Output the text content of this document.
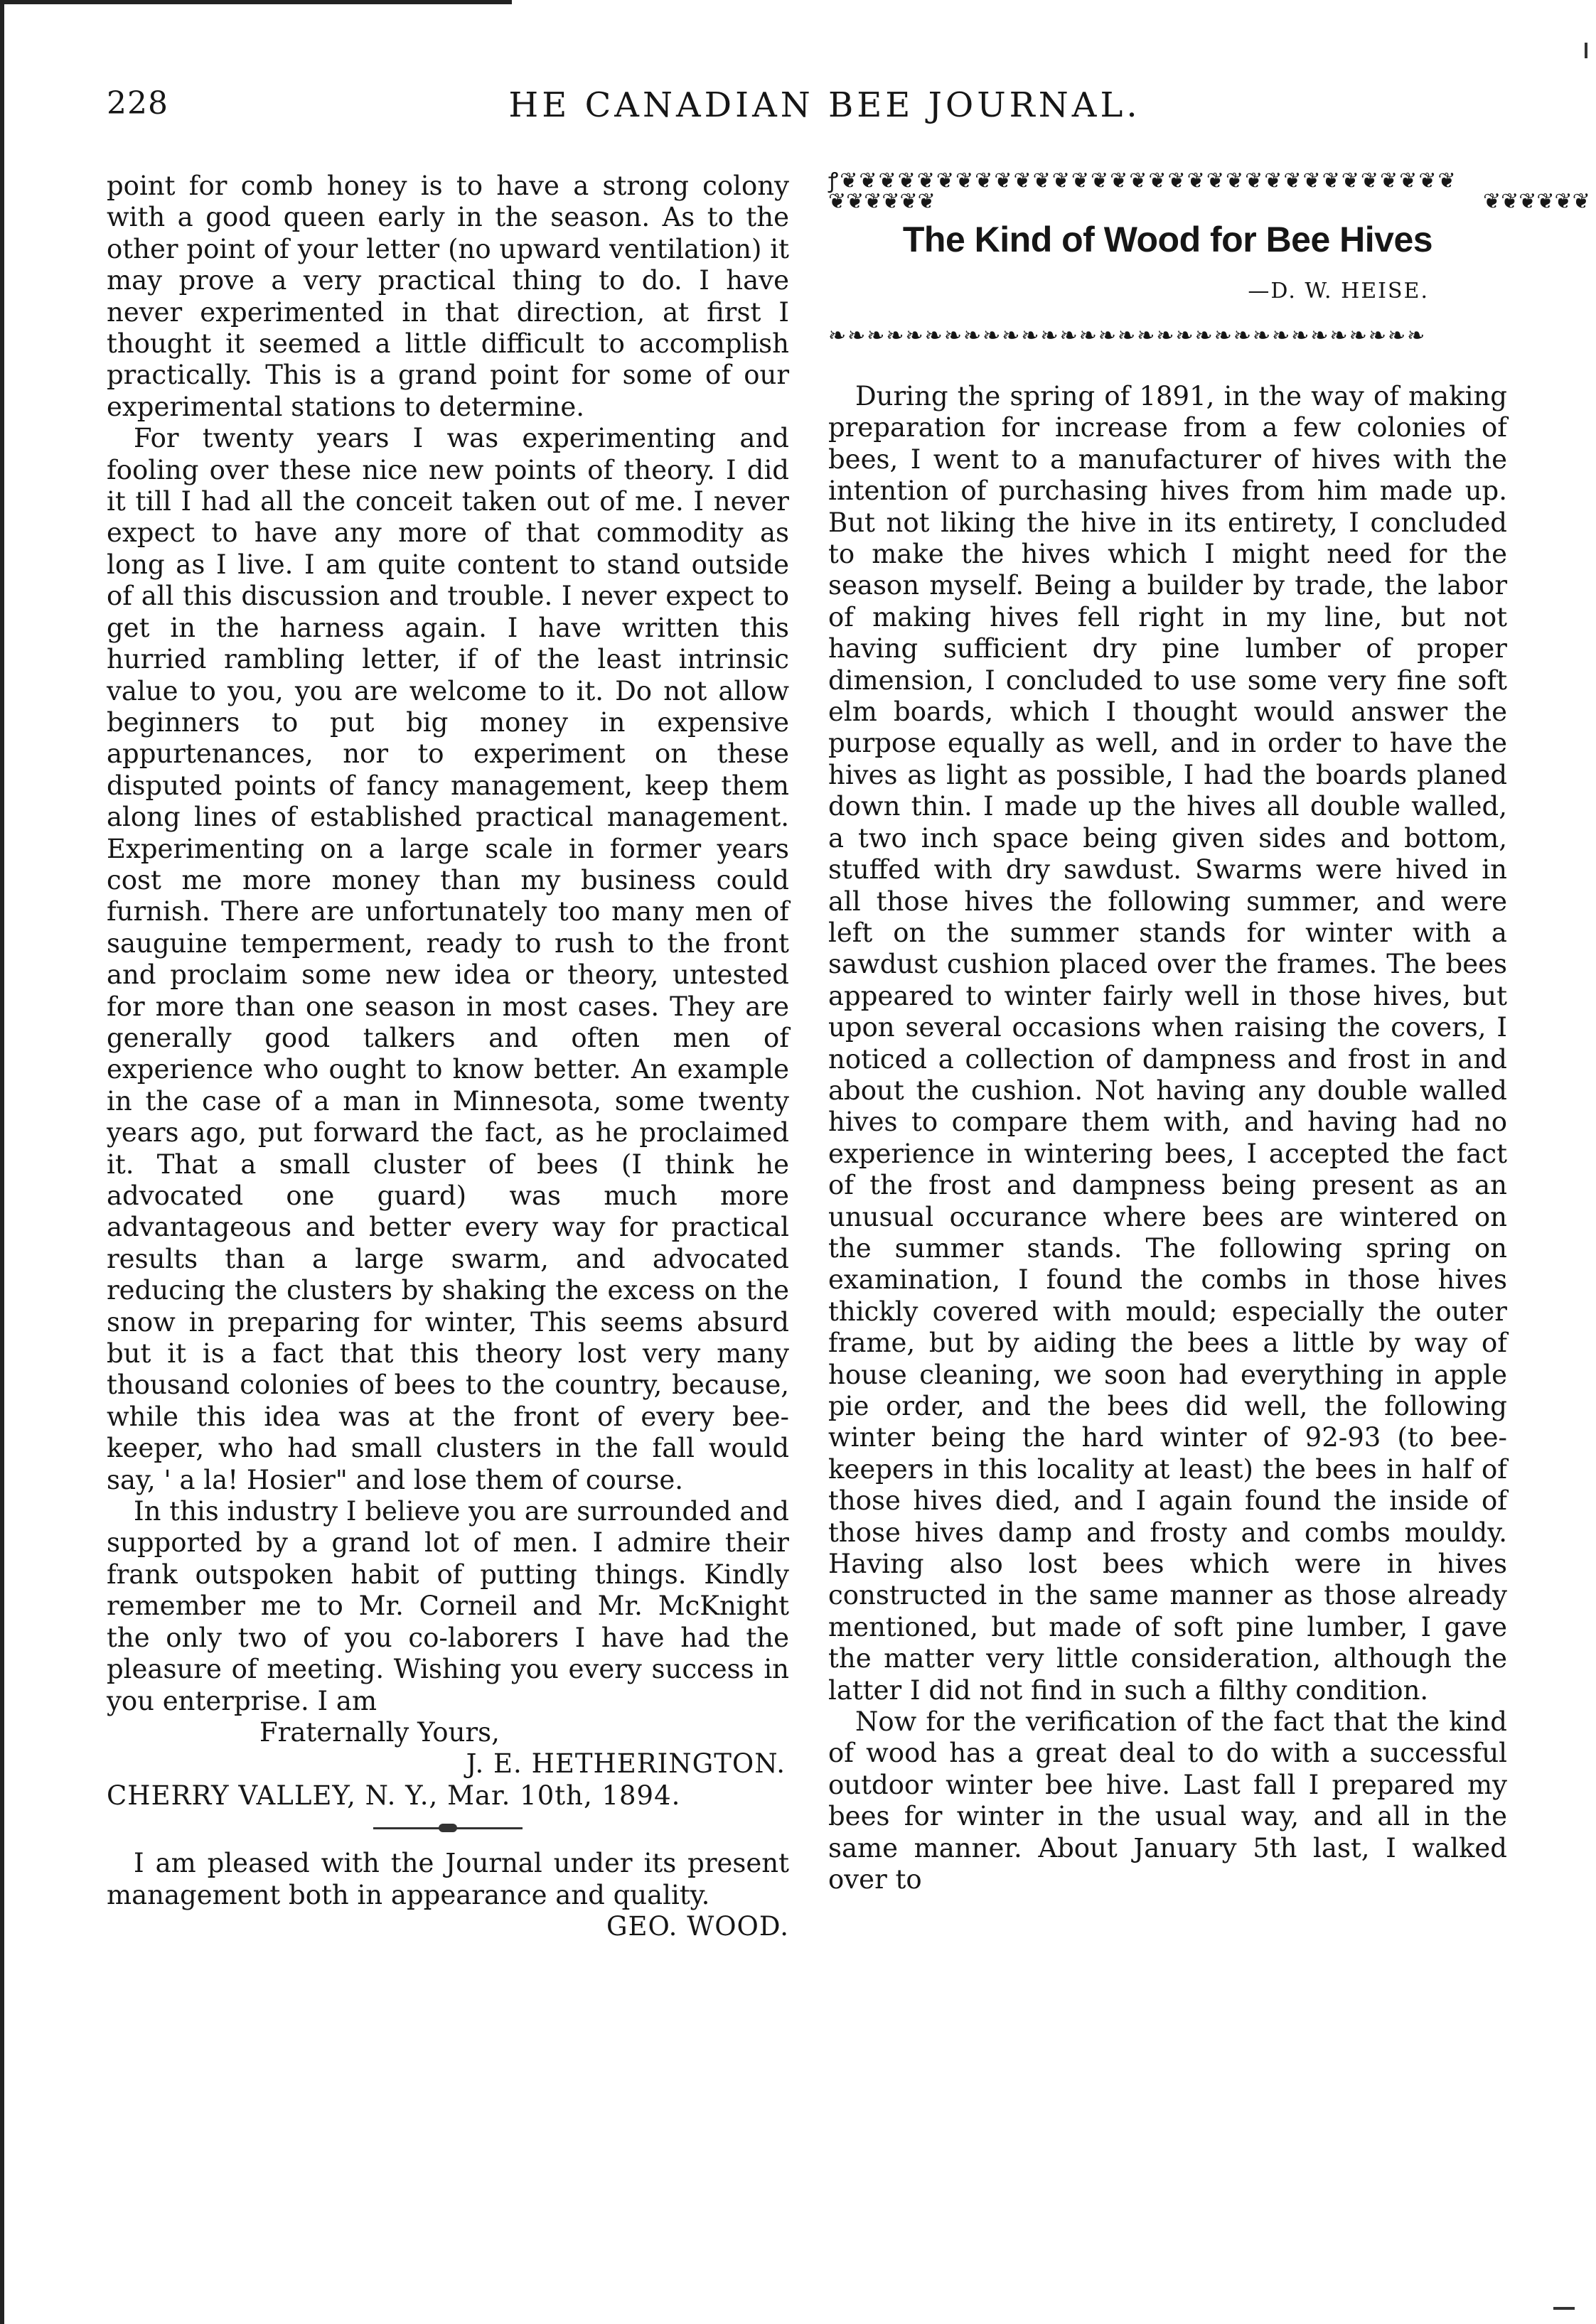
228	HE CANADIAN BEE JOURNAL.

point for comb honey is to have a strong colony with a good queen early in the season. As to the other point of your letter (no upward ventilation) it may prove a very practical thing to do. I have never experimented in that direction, at first I thought it seemed a little difficult to accomplish practically. This is a grand point for some of our experimental stations to determine.

For twenty years I was experimenting and fooling over these nice new points of theory. I did it till I had all the conceit taken out of me. I never expect to have any more of that commodity as long as I live. I am quite content to stand outside of all this discussion and trouble. I never expect to get in the harness again. I have written this hurried rambling letter, if of the least intrinsic value to you, you are welcome to it. Do not allow beginners to put big money in expensive appurtenances, nor to experiment on these disputed points of fancy management, keep them along lines of established practical management. Experimenting on a large scale in former years cost me more money than my business could furnish. There are unfortunately too many men of sauguine temperment, ready to rush to the front and proclaim some new idea or theory, untested for more than one season in most cases. They are generally good talkers and often men of experience who ought to know better. An example in the case of a man in Minnesota, some twenty years ago, put forward the fact, as he proclaimed it. That a small cluster of bees (I think he advocated one guard) was much more advantageous and better every way for practical results than a large swarm, and advocated reducing the clusters by shaking the excess on the snow in preparing for winter, This seems absurd but it is a fact that this theory lost very many thousand colonies of bees to the country, because, while this idea was at the front of every bee-keeper, who had small clusters in the fall would say, ' a la! Hosier" and lose them of course.

In this industry I believe you are surrounded and supported by a grand lot of men. I admire their frank outspoken habit of putting things. Kindly remember me to Mr. Corneil and Mr. McKnight the only two of you co-laborers I have had the pleasure of meeting. Wishing you every success in you enterprise. I am

Fraternally Yours,
J. E. HETHERINGTON.
CHERRY VALLEY, N. Y., Mar. 10th, 1894.

I am pleased with the Journal under its present management both in appearance and quality.
GEO. WOOD.

ꝭ❦❦❦❦❦❦❦❦❦❦❦❦❦❦❦❦❦❦❦❦❦❦❦❦❦❦❦❦❦❦❦❦
❦❦❦❦❦❦	❦❦❦❦❦❦
The Kind of Wood for Bee Hives
—D. W. HEISE.
❧❧❧❧❧❧❧❧❧❧❧❧❧❧❧❧❧❧❧❧❧❧❧❧❧❧❧❧❧❧❧

During the spring of 1891, in the way of making preparation for increase from a few colonies of bees, I went to a manufacturer of hives with the intention of purchasing hives from him made up. But not liking the hive in its entirety, I concluded to make the hives which I might need for the season myself. Being a builder by trade, the labor of making hives fell right in my line, but not having sufficient dry pine lumber of proper dimension, I concluded to use some very fine soft elm boards, which I thought would answer the purpose equally as well, and in order to have the hives as light as possible, I had the boards planed down thin. I made up the hives all double walled, a two inch space being given sides and bottom, stuffed with dry sawdust. Swarms were hived in all those hives the following summer, and were left on the summer stands for winter with a sawdust cushion placed over the frames. The bees appeared to winter fairly well in those hives, but upon several occasions when raising the covers, I noticed a collection of dampness and frost in and about the cushion. Not having any double walled hives to compare them with, and having had no experience in wintering bees, I accepted the fact of the frost and dampness being present as an unusual occurance where bees are wintered on the summer stands. The following spring on examination, I found the combs in those hives thickly covered with mould; especially the outer frame, but by aiding the bees a little by way of house cleaning, we soon had everything in apple pie order, and the bees did well, the following winter being the hard winter of 92-93 (to bee-keepers in this locality at least) the bees in half of those hives died, and I again found the inside of those hives damp and frosty and combs mouldy. Having also lost bees which were in hives constructed in the same manner as those already mentioned, but made of soft pine lumber, I gave the matter very little consideration, although the latter I did not find in such a filthy condition.

Now for the verification of the fact that the kind of wood has a great deal to do with a successful outdoor winter bee hive. Last fall I prepared my bees for winter in the usual way, and all in the same manner. About January 5th last, I walked over to
